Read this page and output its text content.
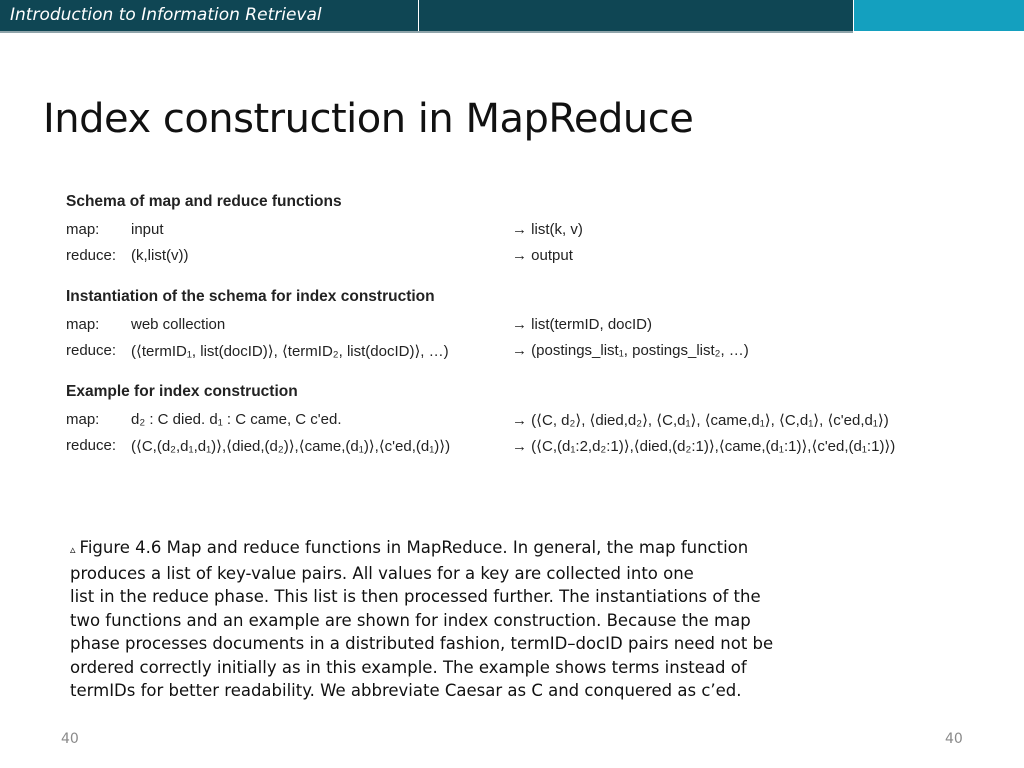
Introduction to Information Retrieval
Index construction in MapReduce
Schema of map and reduce functions
map: input	→ list(k, v)
reduce: (k,list(v))	→ output
Instantiation of the schema for index construction
map: web collection	→ list(termID, docID)
reduce: (⟨termID₁, list(docID)⟩, ⟨termID₂, list(docID)⟩, …)	→ (postings_list₁, postings_list₂, …)
Example for index construction
map: d₂ : C died. d₁ : C came, C c'ed.	→ (⟨C, d₂⟩, ⟨died,d₂⟩, ⟨C,d₁⟩, ⟨came,d₁⟩, ⟨C,d₁⟩, ⟨c'ed,d₁⟩)
reduce: (⟨C,(d₂,d₁,d₁)⟩,⟨died,(d₂)⟩,⟨came,(d₁)⟩,⟨c'ed,(d₁)⟩)	→ (⟨C,(d₁:2,d₂:1)⟩,⟨died,(d₂:1)⟩,⟨came,(d₁:1)⟩,⟨c'ed,(d₁:1)⟩)

▵ Figure 4.6 Map and reduce functions in MapReduce. In general, the map function

produces a list of key-value pairs. All values for a key are collected into one

list in the reduce phase. This list is then processed further. The instantiations of the

two functions and an example are shown for index construction. Because the map

phase processes documents in a distributed fashion, termID–docID pairs need not be

ordered correctly initially as in this example. The example shows terms instead of

termIDs for better readability. We abbreviate Caesar as C and conquered as c’ed.

40	40
